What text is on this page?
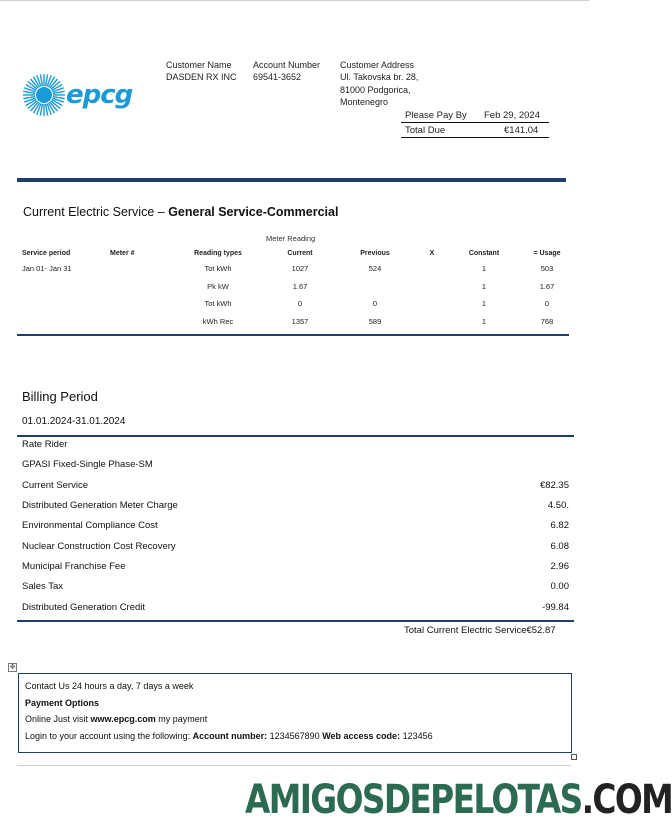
epcg
Customer Name
DASDEN RX INC
Account Number
69541-3652
Customer Address
Ul. Takovska br. 28,
81000 Podgorica,
Montenegro
Please Pay By Feb 29, 2024
Total Due	€141.04
Current Electric Service – General Service-Commercial
Meter Reading
Service period	Meter #	Reading types	Current	Previous	X	Constant	= Usage
Jan 01- Jan 31		Tot kWh	1027	524		1	503
		Pk kW	1.67			1	1.67
		Tot kWh	0	0		1	0
		kWh Rec	1357	589		1	768
Billing Period
01.01.2024-31.01.2024
Rate Rider
GPASI Fixed-Single Phase-SM
Current Service	€82.35
Distributed Generation Meter Charge	4.50.
Environmental Compliance Cost	6.82
Nuclear Construction Cost Recovery	6.08
Municipal Franchise Fee	2.96
Sales Tax	0.00
Distributed Generation Credit	-99.84
Total Current Electric Service€52.87
✥
Contact Us 24 hours a day, 7 days a week
Payment Options
Online Just visit www.epcg.com my payment
Login to your account using the following: Account number: 1234567890 Web access code: 123456
AMIGOSDEPELOTAS.COM
